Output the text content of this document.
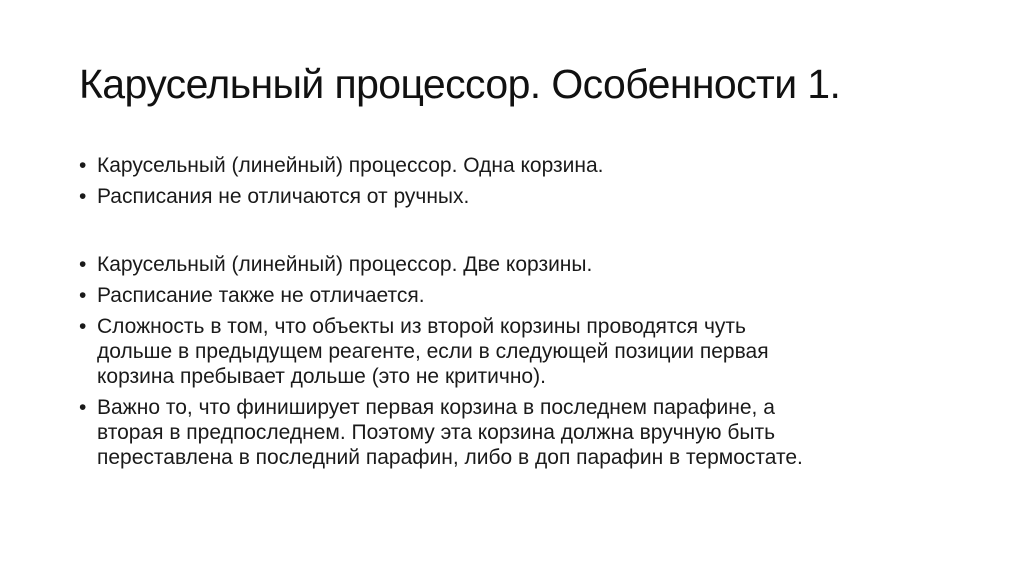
Карусельный процессор. Особенности 1.
• Карусельный (линейный) процессор. Одна корзина.
• Расписания не отличаются от ручных.
• Карусельный (линейный) процессор. Две корзины.
• Расписание также не отличается.
• Сложность в том, что объекты из второй корзины проводятся чуть
дольше в предыдущем реагенте, если в следующей позиции первая
корзина пребывает дольше (это не критично).
• Важно то, что финиширует первая корзина в последнем парафине, а
вторая в предпоследнем. Поэтому эта корзина должна вручную быть
переставлена в последний парафин, либо в доп парафин в термостате.
